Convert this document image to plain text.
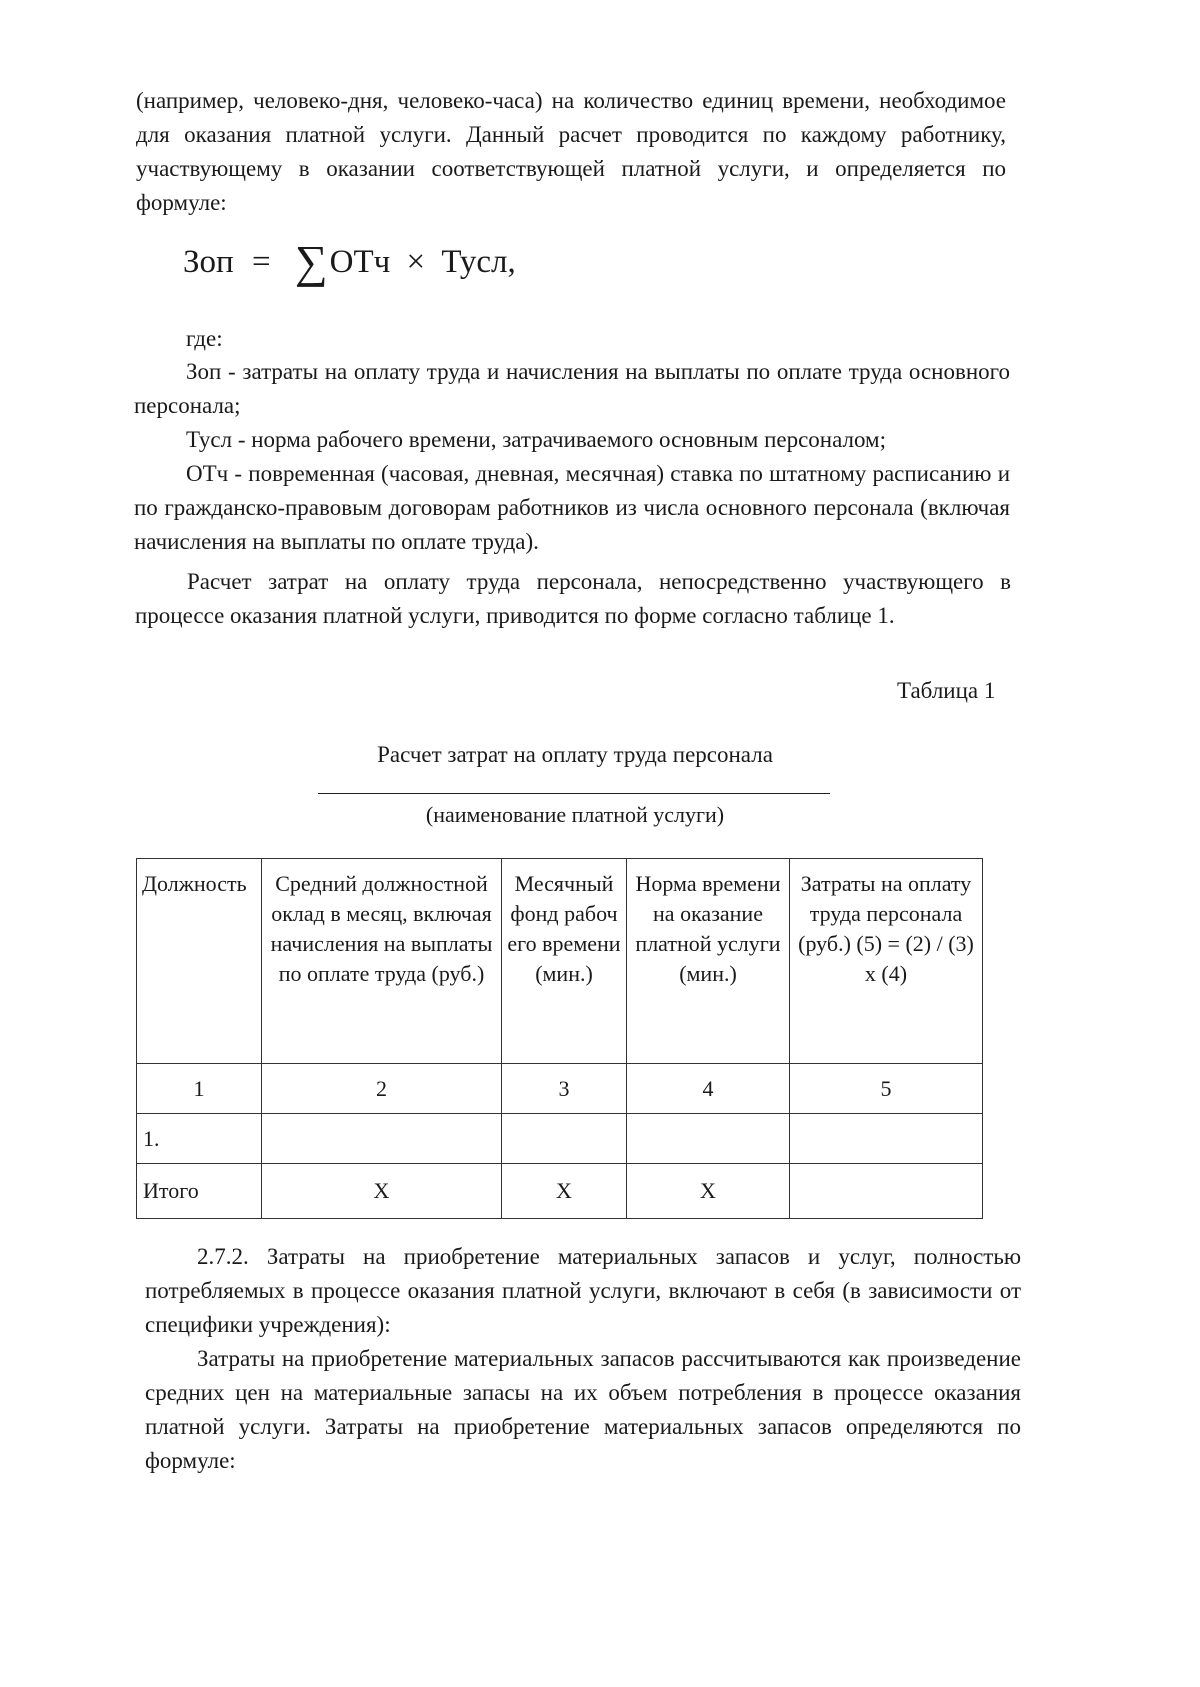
(например, человеко-дня, человеко-часа) на количество единиц времени, необходимое для оказания платной услуги. Данный расчет проводится по каждому работнику, участвующему в оказании соответствующей платной услуги, и определяется по формуле:

Зоп = ∑ОТч × Тусл,
где:

Зоп - затраты на оплату труда и начисления на выплаты по оплате труда основного персонала;

Тусл - норма рабочего времени, затрачиваемого основным персоналом;

ОТч - повременная (часовая, дневная, месячная) ставка по штатному расписанию и по гражданско-правовым договорам работников из числа основного персонала (включая начисления на выплаты по оплате труда).

Расчет затрат на оплату труда персонала, непосредственно участвующего в процессе оказания платной услуги, приводится по форме согласно таблице 1.

Таблица 1
Расчет затрат на оплату труда персонала
(наименование платной услуги)
Должность	Средний должностной оклад в месяц, включая начисления на выплаты по оплате труда (руб.)	Месячный фонд рабочего времени (мин.)	Норма времени на оказание платной услуги (мин.)	Затраты на оплату труда персонала (руб.) (5) = (2) / (3) x (4)
1	2	3	4	5
1.				
Итого	X	X	X	

2.7.2. Затраты на приобретение материальных запасов и услуг, полностью потребляемых в процессе оказания платной услуги, включают в себя (в зависимости от специфики учреждения):

Затраты на приобретение материальных запасов рассчитываются как произведение средних цен на материальные запасы на их объем потребления в процессе оказания платной услуги. Затраты на приобретение материальных запасов определяются по формуле:
